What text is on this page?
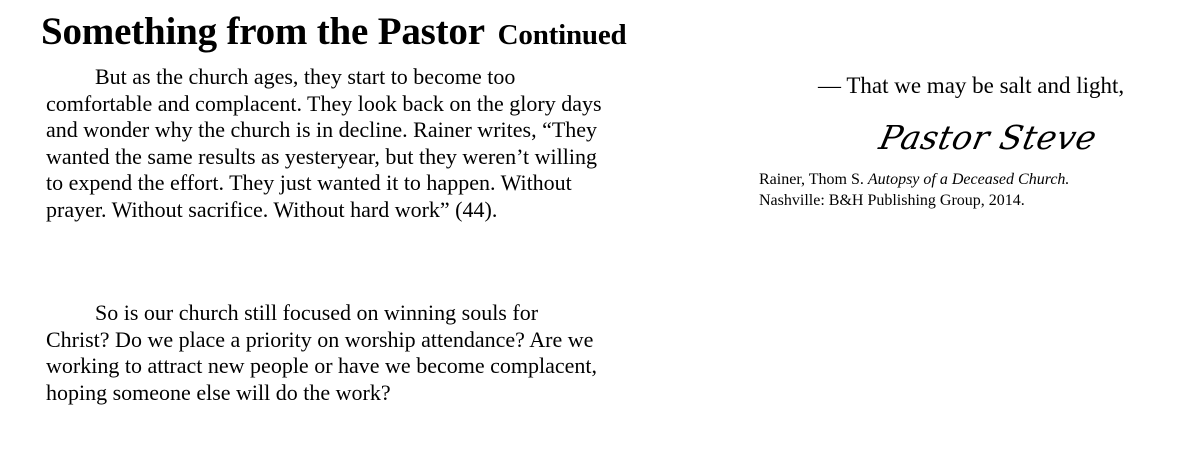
Something from the Pastor Continued

But as the church ages, they start to become too comfortable and complacent. They look back on the glory days and wonder why the church is in decline. Rainer writes, “They wanted the same results as yesteryear, but they weren’t willing to expend the effort. They just wanted it to happen. Without prayer. Without sacrifice. Without hard work” (44).

So is our church still focused on winning souls for Christ? Do we place a priority on worship attendance? Are we working to attract new people or have we become complacent, hoping someone else will do the work?

— That we may be salt and light,

Pastor Steve

Rainer, Thom S. Autopsy of a Deceased Church.
Nashville: B&H Publishing Group, 2014.
